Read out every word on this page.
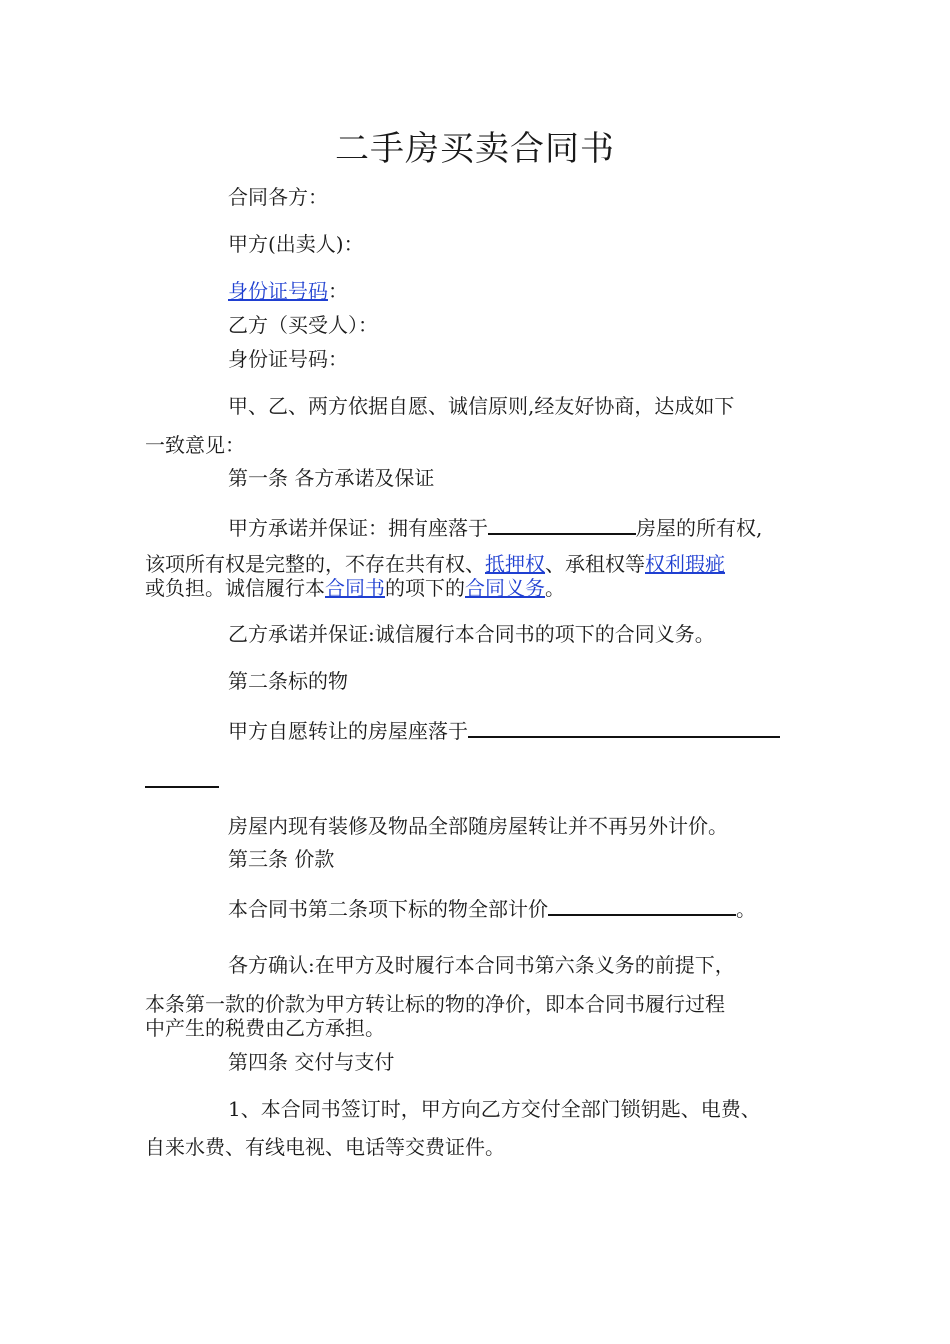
二手房买卖合同书
合同各方：
甲方(出卖人)：
身份证号码：
乙方（买受人）：
身份证号码：
甲、乙、两方依据自愿、诚信原则,经友好协商，达成如下
一致意见：
第一条 各方承诺及保证
甲方承诺并保证：拥有座落于	房屋的所有权,
该项所有权是完整的，不存在共有权、抵押权、承租权等权利瑕疵
或负担。诚信履行本合同书的项下的合同义务。
乙方承诺并保证:诚信履行本合同书的项下的合同义务。
第二条标的物
甲方自愿转让的房屋座落于
房屋内现有装修及物品全部随房屋转让并不再另外计价。
第三条 价款
本合同书第二条项下标的物全部计价	。
各方确认:在甲方及时履行本合同书第六条义务的前提下，
本条第一款的价款为甲方转让标的物的净价，即本合同书履行过程
中产生的税费由乙方承担。
第四条 交付与支付
1、本合同书签订时，甲方向乙方交付全部门锁钥匙、电费、
自来水费、有线电视、电话等交费证件。
